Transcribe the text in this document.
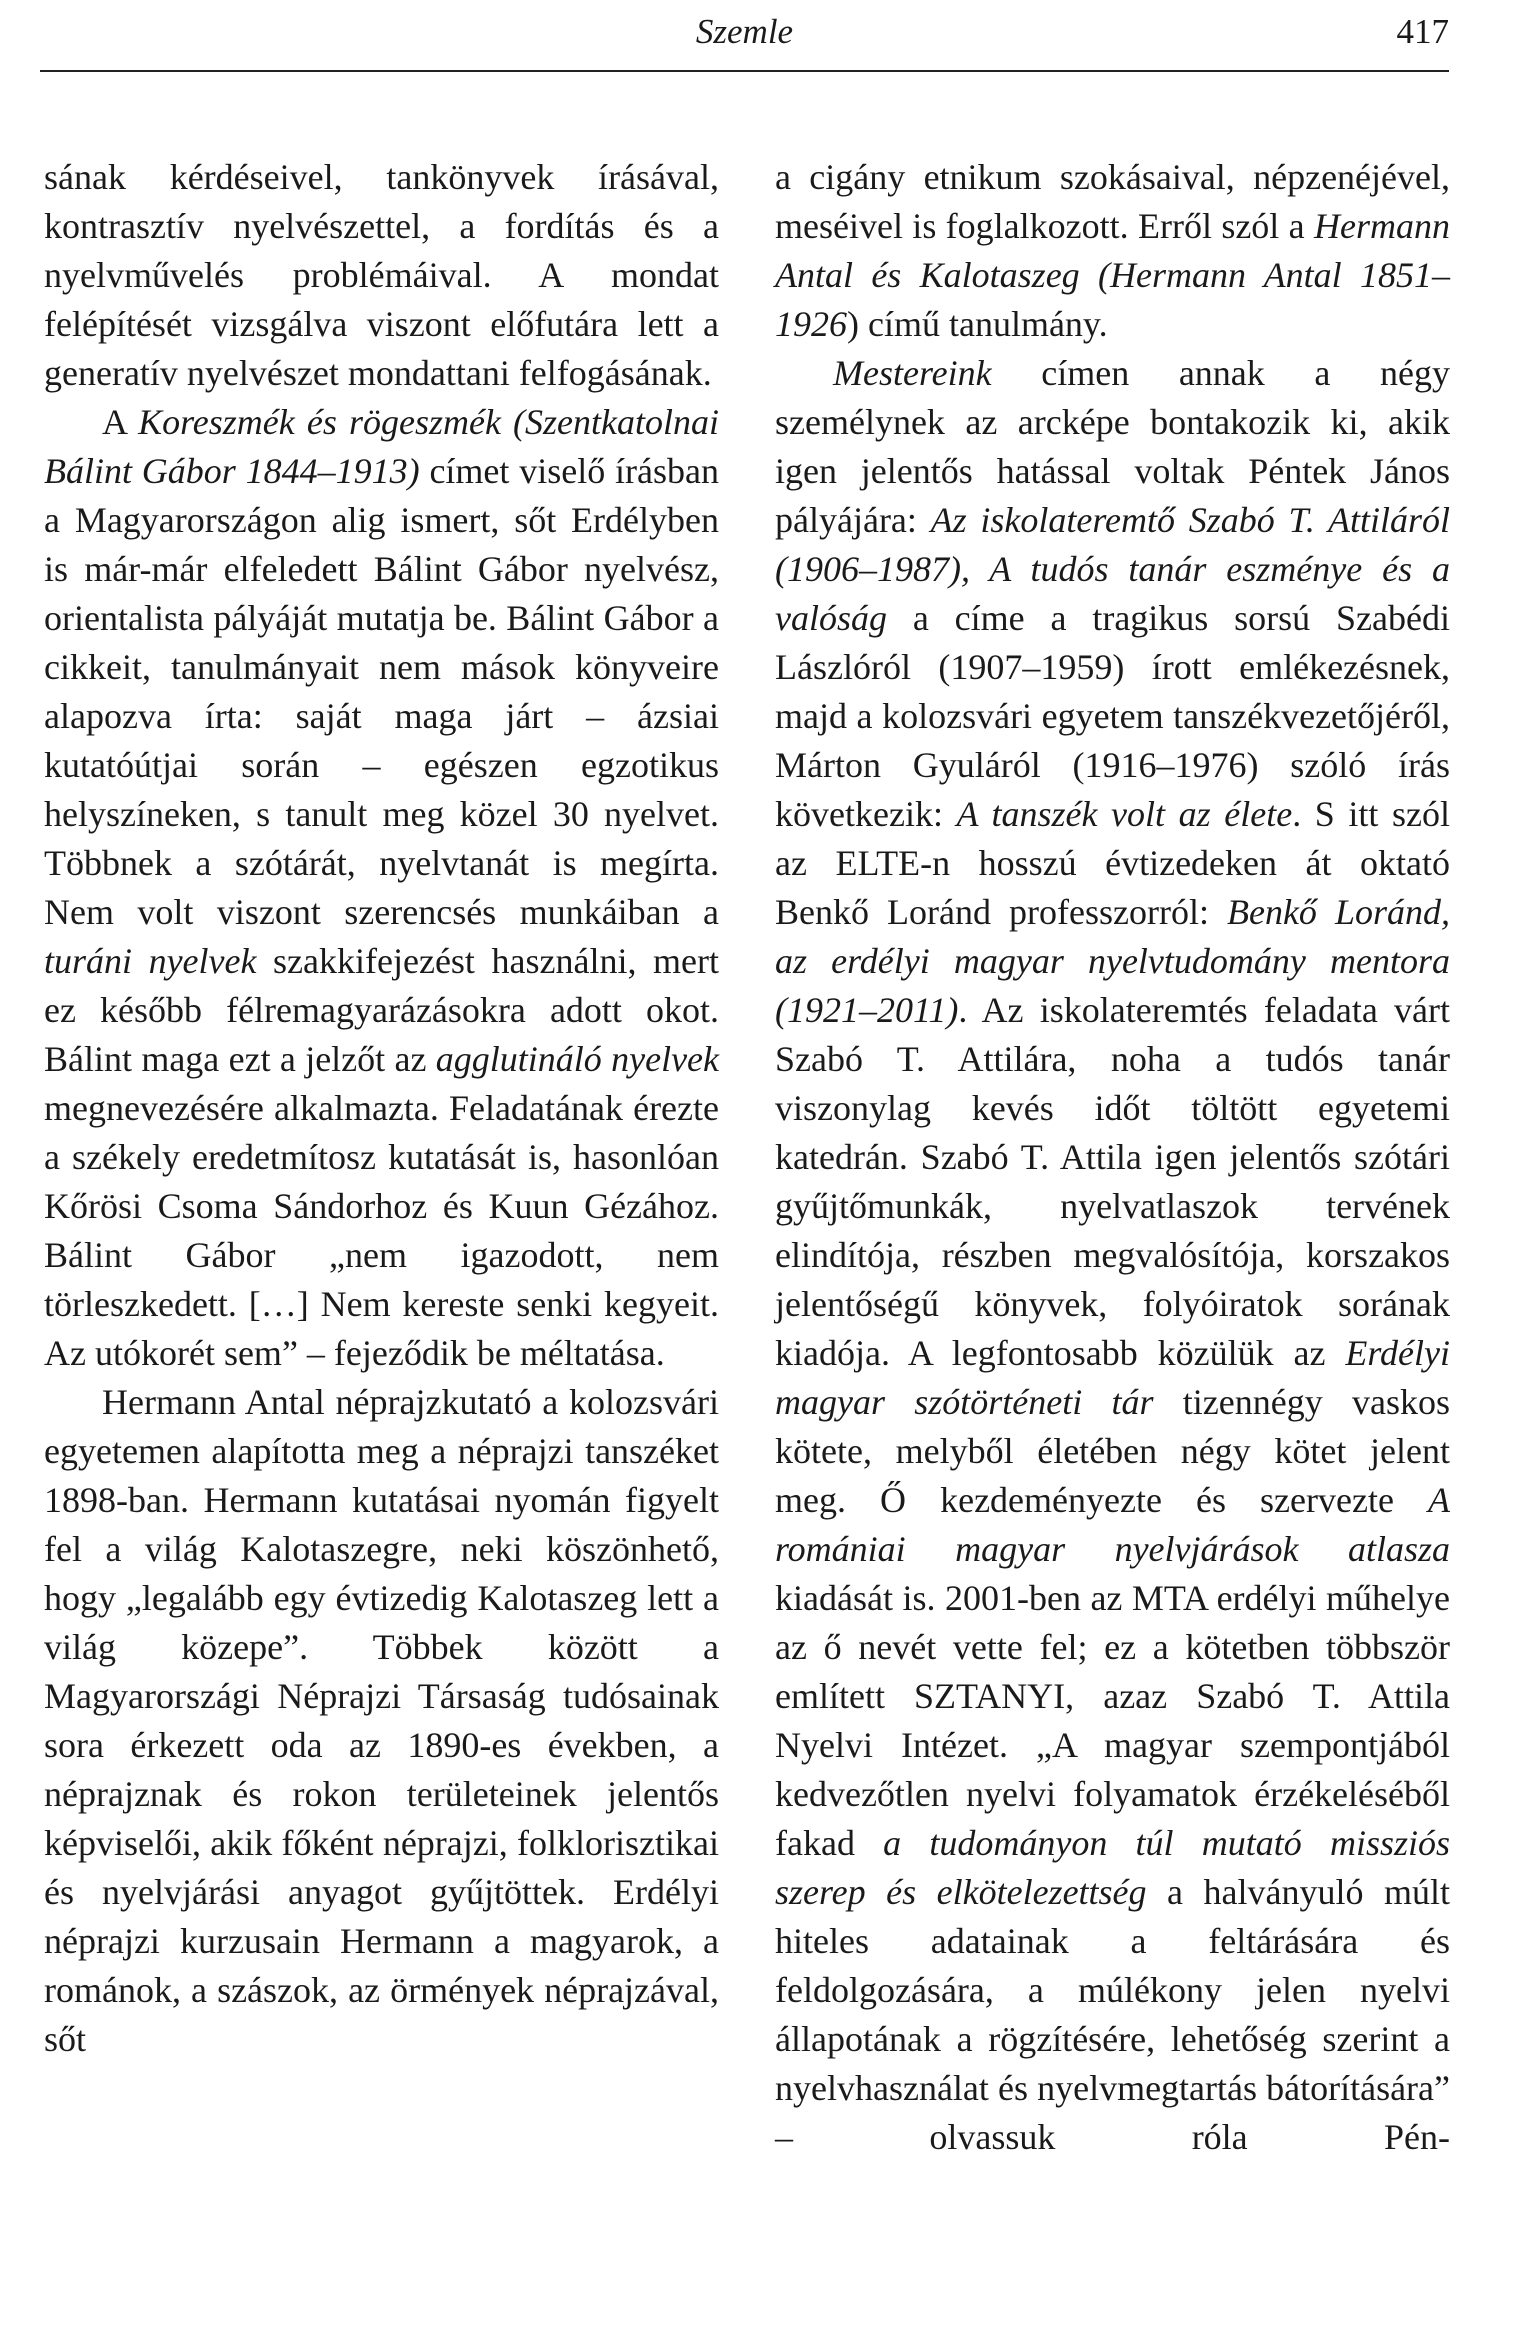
Szemle	417

sának kérdéseivel, tankönyvek írásával, kontrasztív nyelvészettel, a fordítás és a nyelvművelés problémáival. A mondat felépítését vizsgálva viszont előfutára lett a generatív nyelvészet mondattani felfogásának.

A Koreszmék és rögeszmék (Szentkatolnai Bálint Gábor 1844–1913) címet viselő írásban a Magyarországon alig ismert, sőt Erdélyben is már-már elfeledett Bálint Gábor nyelvész, orientalista pályáját mutatja be. Bálint Gábor a cikkeit, tanulmányait nem mások könyveire alapozva írta: saját maga járt – ázsiai kutatóútjai során – egészen egzotikus helyszíneken, s tanult meg közel 30 nyelvet. Többnek a szótárát, nyelvtanát is megírta. Nem volt viszont szerencsés munkáiban a turáni nyelvek szakkifejezést használni, mert ez később félremagyarázásokra adott okot. Bálint maga ezt a jelzőt az agglutináló nyelvek megnevezésére alkalmazta. Feladatának érezte a székely eredetmítosz kutatását is, hasonlóan Kőrösi Csoma Sándorhoz és Kuun Gézához. Bálint Gábor „nem igazodott, nem törleszkedett. […] Nem kereste senki kegyeit. Az utókorét sem” – fejeződik be méltatása.

Hermann Antal néprajzkutató a kolozsvári egyetemen alapította meg a néprajzi tanszéket 1898-ban. Hermann kutatásai nyomán figyelt fel a világ Kalotaszegre, neki köszönhető, hogy „legalább egy évtizedig Kalotaszeg lett a világ közepe”. Többek között a Magyarországi Néprajzi Társaság tudósainak sora érkezett oda az 1890-es években, a néprajznak és rokon területeinek jelentős képviselői, akik főként néprajzi, folklorisztikai és nyelvjárási anyagot gyűjtöttek. Erdélyi néprajzi kurzusain Hermann a magyarok, a románok, a szászok, az örmények néprajzával, sőt

a cigány etnikum szokásaival, népzenéjével, meséivel is foglalkozott. Erről szól a Hermann Antal és Kalotaszeg (Hermann Antal 1851–1926) című tanulmány.

Mestereink címen annak a négy személynek az arcképe bontakozik ki, akik igen jelentős hatással voltak Péntek János pályájára: Az iskolateremtő Szabó T. Attiláról (1906–1987), A tudós tanár eszménye és a valóság a címe a tragikus sorsú Szabédi Lászlóról (1907–1959) írott emlékezésnek, majd a kolozsvári egyetem tanszékvezetőjéről, Márton Gyuláról (1916–1976) szóló írás következik: A tanszék volt az élete. S itt szól az ELTE-n hosszú évtizedeken át oktató Benkő Loránd professzorról: Benkő Loránd, az erdélyi magyar nyelvtudomány mentora (1921–2011). Az iskolateremtés feladata várt Szabó T. Attilára, noha a tudós tanár viszonylag kevés időt töltött egyetemi katedrán. Szabó T. Attila igen jelentős szótári gyűjtőmunkák, nyelvatlaszok tervének elindítója, részben megvalósítója, korszakos jelentőségű könyvek, folyóiratok sorának kiadója. A legfontosabb közülük az Erdélyi magyar szótörténeti tár tizennégy vaskos kötete, melyből életében négy kötet jelent meg. Ő kezdeményezte és szervezte A romániai magyar nyelvjárások atlasza kiadását is. 2001-ben az MTA erdélyi műhelye az ő nevét vette fel; ez a kötetben többször említett SZTANYI, azaz Szabó T. Attila Nyelvi Intézet. „A magyar szempontjából kedvezőtlen nyelvi folyamatok érzékeléséből fakad a tudományon túl mutató missziós szerep és elkötelezettség a halványuló múlt hiteles adatainak a feltárására és feldolgozására, a múlékony jelen nyelvi állapotának a rögzítésére, lehetőség szerint a nyelvhasználat és nyelvmegtartás bátorítására” – olvassuk róla Pén-
